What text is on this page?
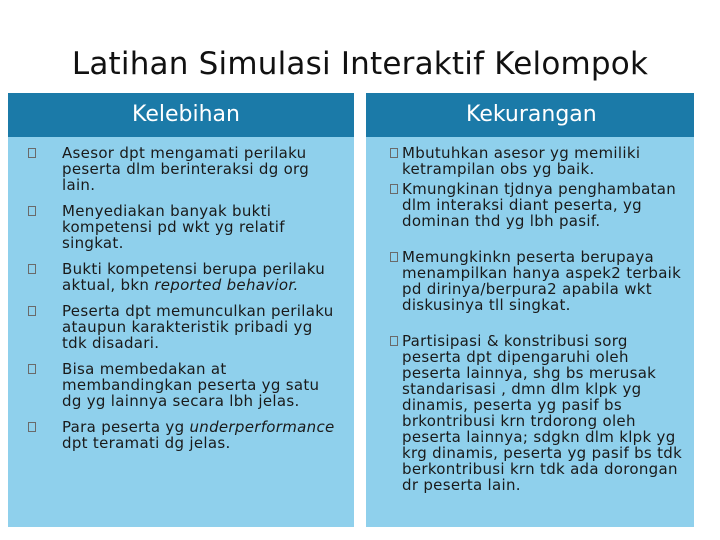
Latihan Simulasi Interaktif Kelompok
Kelebihan
Asesor dpt mengamati perilaku peserta dlm berinteraksi dg org lain.
Menyediakan banyak bukti kompetensi pd wkt yg relatif singkat.
Bukti kompetensi berupa perilaku aktual, bkn reported behavior.
Peserta dpt memunculkan perilaku ataupun karakteristik pribadi yg tdk disadari.
Bisa membedakan at membandingkan peserta yg satu dg yg lainnya secara lbh jelas.
Para peserta yg underperformance dpt teramati dg jelas.
Kekurangan
Mbutuhkan asesor yg memiliki ketrampilan obs yg baik.
Kmungkinan tjdnya penghambatan dlm interaksi diant peserta, yg dominan thd yg lbh pasif.
Memungkinkn peserta berupaya menampilkan hanya aspek2 terbaik pd dirinya/berpura2 apabila wkt diskusinya tll singkat.
Partisipasi & konstribusi sorg peserta dpt dipengaruhi oleh peserta lainnya, shg bs merusak standarisasi , dmn dlm klpk yg dinamis, peserta yg pasif bs brkontribusi krn trdorong oleh peserta lainnya; sdgkn dlm klpk yg krg dinamis, peserta yg pasif bs tdk berkontribusi krn tdk ada dorongan dr peserta lain.
